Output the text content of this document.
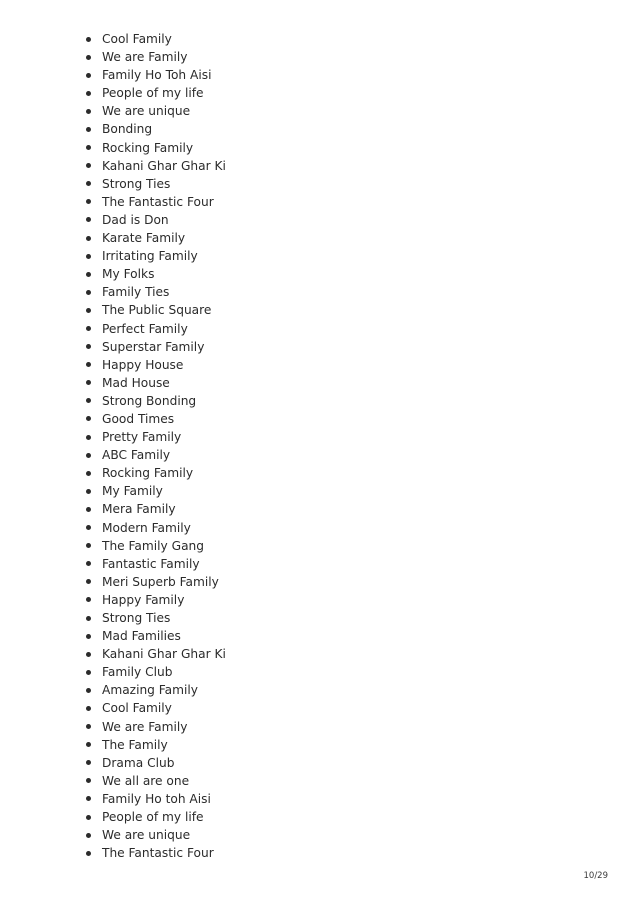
Cool Family
We are Family
Family Ho Toh Aisi
People of my life
We are unique
Bonding
Rocking Family
Kahani Ghar Ghar Ki
Strong Ties
The Fantastic Four
Dad is Don
Karate Family
Irritating Family
My Folks
Family Ties
The Public Square
Perfect Family
Superstar Family
Happy House
Mad House
Strong Bonding
Good Times
Pretty Family
ABC Family
Rocking Family
My Family
Mera Family
Modern Family
The Family Gang
Fantastic Family
Meri Superb Family
Happy Family
Strong Ties
Mad Families
Kahani Ghar Ghar Ki
Family Club
Amazing Family
Cool Family
We are Family
The Family
Drama Club
We all are one
Family Ho toh Aisi
People of my life
We are unique
The Fantastic Four
10/29
